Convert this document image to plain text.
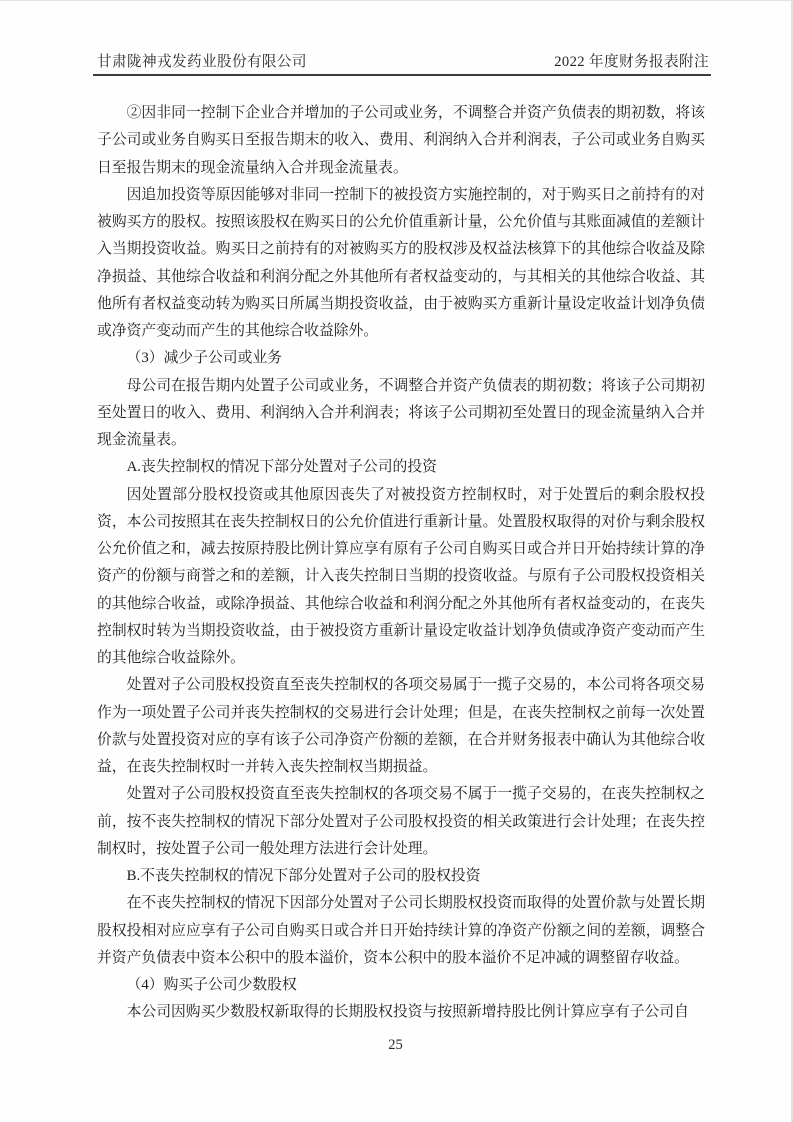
甘肃陇神戎发药业股份有限公司	2022 年度财务报表附注

②因非同一控制下企业合并增加的子公司或业务，不调整合并资产负债表的期初数，将该子公司或业务自购买日至报告期末的收入、费用、利润纳入合并利润表，子公司或业务自购买日至报告期末的现金流量纳入合并现金流量表。

因追加投资等原因能够对非同一控制下的被投资方实施控制的，对于购买日之前持有的对被购买方的股权。按照该股权在购买日的公允价值重新计量，公允价值与其账面减值的差额计入当期投资收益。购买日之前持有的对被购买方的股权涉及权益法核算下的其他综合收益及除净损益、其他综合收益和利润分配之外其他所有者权益变动的，与其相关的其他综合收益、其他所有者权益变动转为购买日所属当期投资收益，由于被购买方重新计量设定收益计划净负债或净资产变动而产生的其他综合收益除外。

（3）减少子公司或业务

母公司在报告期内处置子公司或业务，不调整合并资产负债表的期初数；将该子公司期初至处置日的收入、费用、利润纳入合并利润表；将该子公司期初至处置日的现金流量纳入合并现金流量表。

A.丧失控制权的情况下部分处置对子公司的投资

因处置部分股权投资或其他原因丧失了对被投资方控制权时，对于处置后的剩余股权投资，本公司按照其在丧失控制权日的公允价值进行重新计量。处置股权取得的对价与剩余股权公允价值之和，减去按原持股比例计算应享有原有子公司自购买日或合并日开始持续计算的净资产的份额与商誉之和的差额，计入丧失控制日当期的投资收益。与原有子公司股权投资相关的其他综合收益，或除净损益、其他综合收益和利润分配之外其他所有者权益变动的，在丧失控制权时转为当期投资收益，由于被投资方重新计量设定收益计划净负债或净资产变动而产生的其他综合收益除外。

处置对子公司股权投资直至丧失控制权的各项交易属于一揽子交易的，本公司将各项交易作为一项处置子公司并丧失控制权的交易进行会计处理；但是，在丧失控制权之前每一次处置价款与处置投资对应的享有该子公司净资产份额的差额，在合并财务报表中确认为其他综合收益，在丧失控制权时一并转入丧失控制权当期损益。

处置对子公司股权投资直至丧失控制权的各项交易不属于一揽子交易的，在丧失控制权之前，按不丧失控制权的情况下部分处置对子公司股权投资的相关政策进行会计处理；在丧失控制权时，按处置子公司一般处理方法进行会计处理。

B.不丧失控制权的情况下部分处置对子公司的股权投资

在不丧失控制权的情况下因部分处置对子公司长期股权投资而取得的处置价款与处置长期股权投相对应应享有子公司自购买日或合并日开始持续计算的净资产份额之间的差额，调整合并资产负债表中资本公积中的股本溢价，资本公积中的股本溢价不足冲减的调整留存收益。

（4）购买子公司少数股权

本公司因购买少数股权新取得的长期股权投资与按照新增持股比例计算应享有子公司自

25
